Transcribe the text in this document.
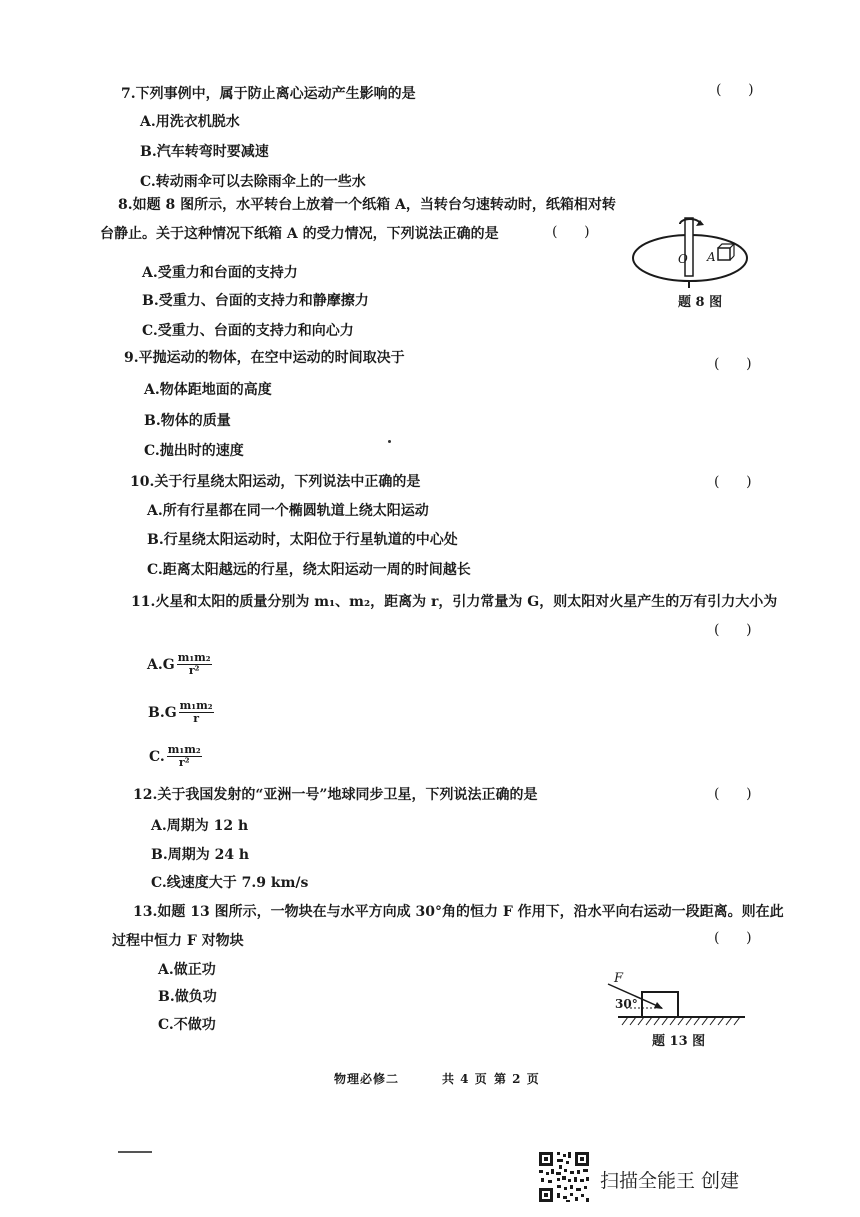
7.下列事例中，属于防止离心运动产生影响的是	(      )
A.用洗衣机脱水
B.汽车转弯时要减速
C.转动雨伞可以去除雨伞上的一些水
8.如题 8 图所示，水平转台上放着一个纸箱 A，当转台匀速转动时，纸箱相对转
台静止。关于这种情况下纸箱 A 的受力情况，下列说法正确的是	(      )
A.受重力和台面的支持力
B.受重力、台面的支持力和静摩擦力
C.受重力、台面的支持力和向心力
O A
题 8 图
9.平抛运动的物体，在空中运动的时间取决于	(      )
A.物体距地面的高度
B.物体的质量
C.抛出时的速度
10.关于行星绕太阳运动，下列说法中正确的是	(      )
A.所有行星都在同一个椭圆轨道上绕太阳运动
B.行星绕太阳运动时，太阳位于行星轨道的中心处
C.距离太阳越远的行星，绕太阳运动一周的时间越长
11.火星和太阳的质量分别为 m₁、m₂，距离为 r，引力常量为 G，则太阳对火星产生的万有引力大小为
(      )
$A.G \frac{\text{m₁m₂}}{\text{r²}}$
$B.G \frac{\text{m₁m₂}}{r}$
C. $\frac{\text{m₁m₂}}{\text{r²}}$
12.关于我国发射的“亚洲一号”地球同步卫星，下列说法正确的是	(      )
A.周期为 12 h
B.周期为 24 h
C.线速度大于 7.9 km/s
13.如题 13 图所示，一物块在与水平方向成 30°角的恒力 F 作用下，沿水平向右运动一段距离。则在此
过程中恒力 F 对物块	(      )
A.做正功
B.做负功
C.不做功
F
30°
题 13 图
物理必修二	共 4 页 第 2 页
扫描全能王 创建
